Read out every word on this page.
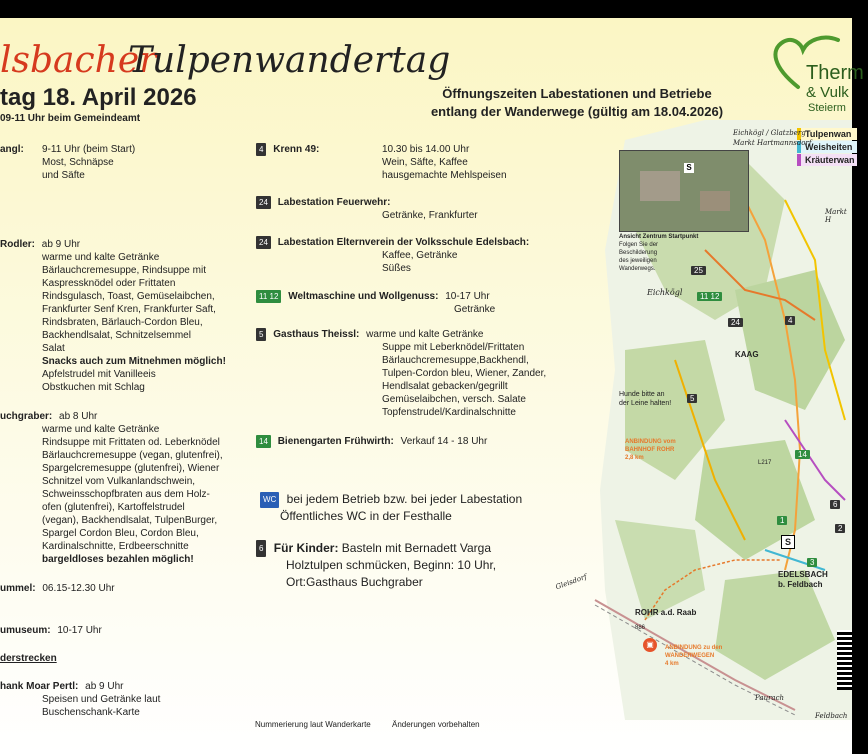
lsbacher
Tulpenwandertag
tag 18. April 2026
09-11 Uhr beim Gemeindeamt
Öffnungszeiten Labestationen und Betriebe
entlang der Wanderwege (gültig am 18.04.2026)
Therm
& Vulk
Steierm
angl: 9-11 Uhr (beim Start)
Most, Schnäpse
und Säfte
Rodler: ab 9 Uhr
warme und kalte Getränke
Bärlauchcremesuppe, Rindsuppe mit
Kaspressknödel oder Frittaten
Rindsgulasch, Toast, Gemüselaibchen,
Frankfurter Senf Kren, Frankfurter Saft,
Rindsbraten, Bärlauch-Cordon Bleu,
Backhendlsalat, Schnitzelsemmel
Salat
Snacks auch zum Mitnehmen möglich!
Apfelstrudel mit Vanilleeis
Obstkuchen mit Schlag
uchgraber: ab 8 Uhr
warme und kalte Getränke
Rindsuppe mit Frittaten od. Leberknödel
Bärlauchcremesuppe (vegan, glutenfrei),
Spargelcremesuppe (glutenfrei), Wiener
Schnitzel vom Vulkanlandschwein,
Schweinsschopfbraten aus dem Holz-
ofen (glutenfrei), Kartoffelstrudel
(vegan), Backhendlsalat, TulpenBurger,
Spargel Cordon Bleu, Cordon Bleu,
Kardinalschnitte, Erdbeerschnitte
bargeldloses bezahlen möglich!
ummel: 06.15-12.30 Uhr
umuseum: 10-17 Uhr
derstrecken
hank Moar Pertl: ab 9 Uhr
Speisen und Getränke laut
Buschenschank-Karte
4 Krenn 49:	10.30 bis 14.00 Uhr
Wein, Säfte, Kaffee
hausgemachte Mehlspeisen
24 Labestation Feuerwehr:
Getränke, Frankfurter
24 Labestation Elternverein der Volksschule Edelsbach:
Kaffee, Getränke
Süßes
11 12 Weltmaschine und Wollgenuss: 10-17 Uhr
Getränke
5 Gasthaus Theissl: warme und kalte Getränke
Suppe mit Leberknödel/Frittaten
Bärlauchcremesuppe,Backhendl,
Tulpen-Cordon bleu, Wiener, Zander,
Hendlsalat gebacken/gegrillt
Gemüselaibchen, versch. Salate
Topfenstrudel/Kardinalschnitte
14 Bienengarten Frühwirth: Verkauf 14 - 18 Uhr
WC bei jedem Betrieb bzw. bei jeder Labestation
Öffentliches WC in der Festhalle
6 Für Kinder: Basteln mit Bernadett Varga
Holztulpen schmücken, Beginn: 10 Uhr,
Ort:Gasthaus Buchgraber
Nummerierung laut Wanderkarte	Änderungen vorbehalten
S
Ansicht Zentrum Startpunkt
Folgen Sie der
Beschilderung
des jeweiligen
Wanderwegs.
Tulpenwan
Weisheiten
Kräuterwan
Eichkögl / Glatzberg
Markt Hartmannsdorf
Markt H
Eichkögl
KAAG
Hunde bitte an
der Leine halten!
ANBINDUNG vom
BAHNHOF ROHR
2,8 km
EDELSBACH
b. Feldbach
S
ROHR a.d. Raab
▣	ANBINDUNG zu den
WANDERWEGEN
4 km
Gleisdorf
Paurach
Feldbach
L217
886
25
11 12
24	4
5
14
1
6
2
3
